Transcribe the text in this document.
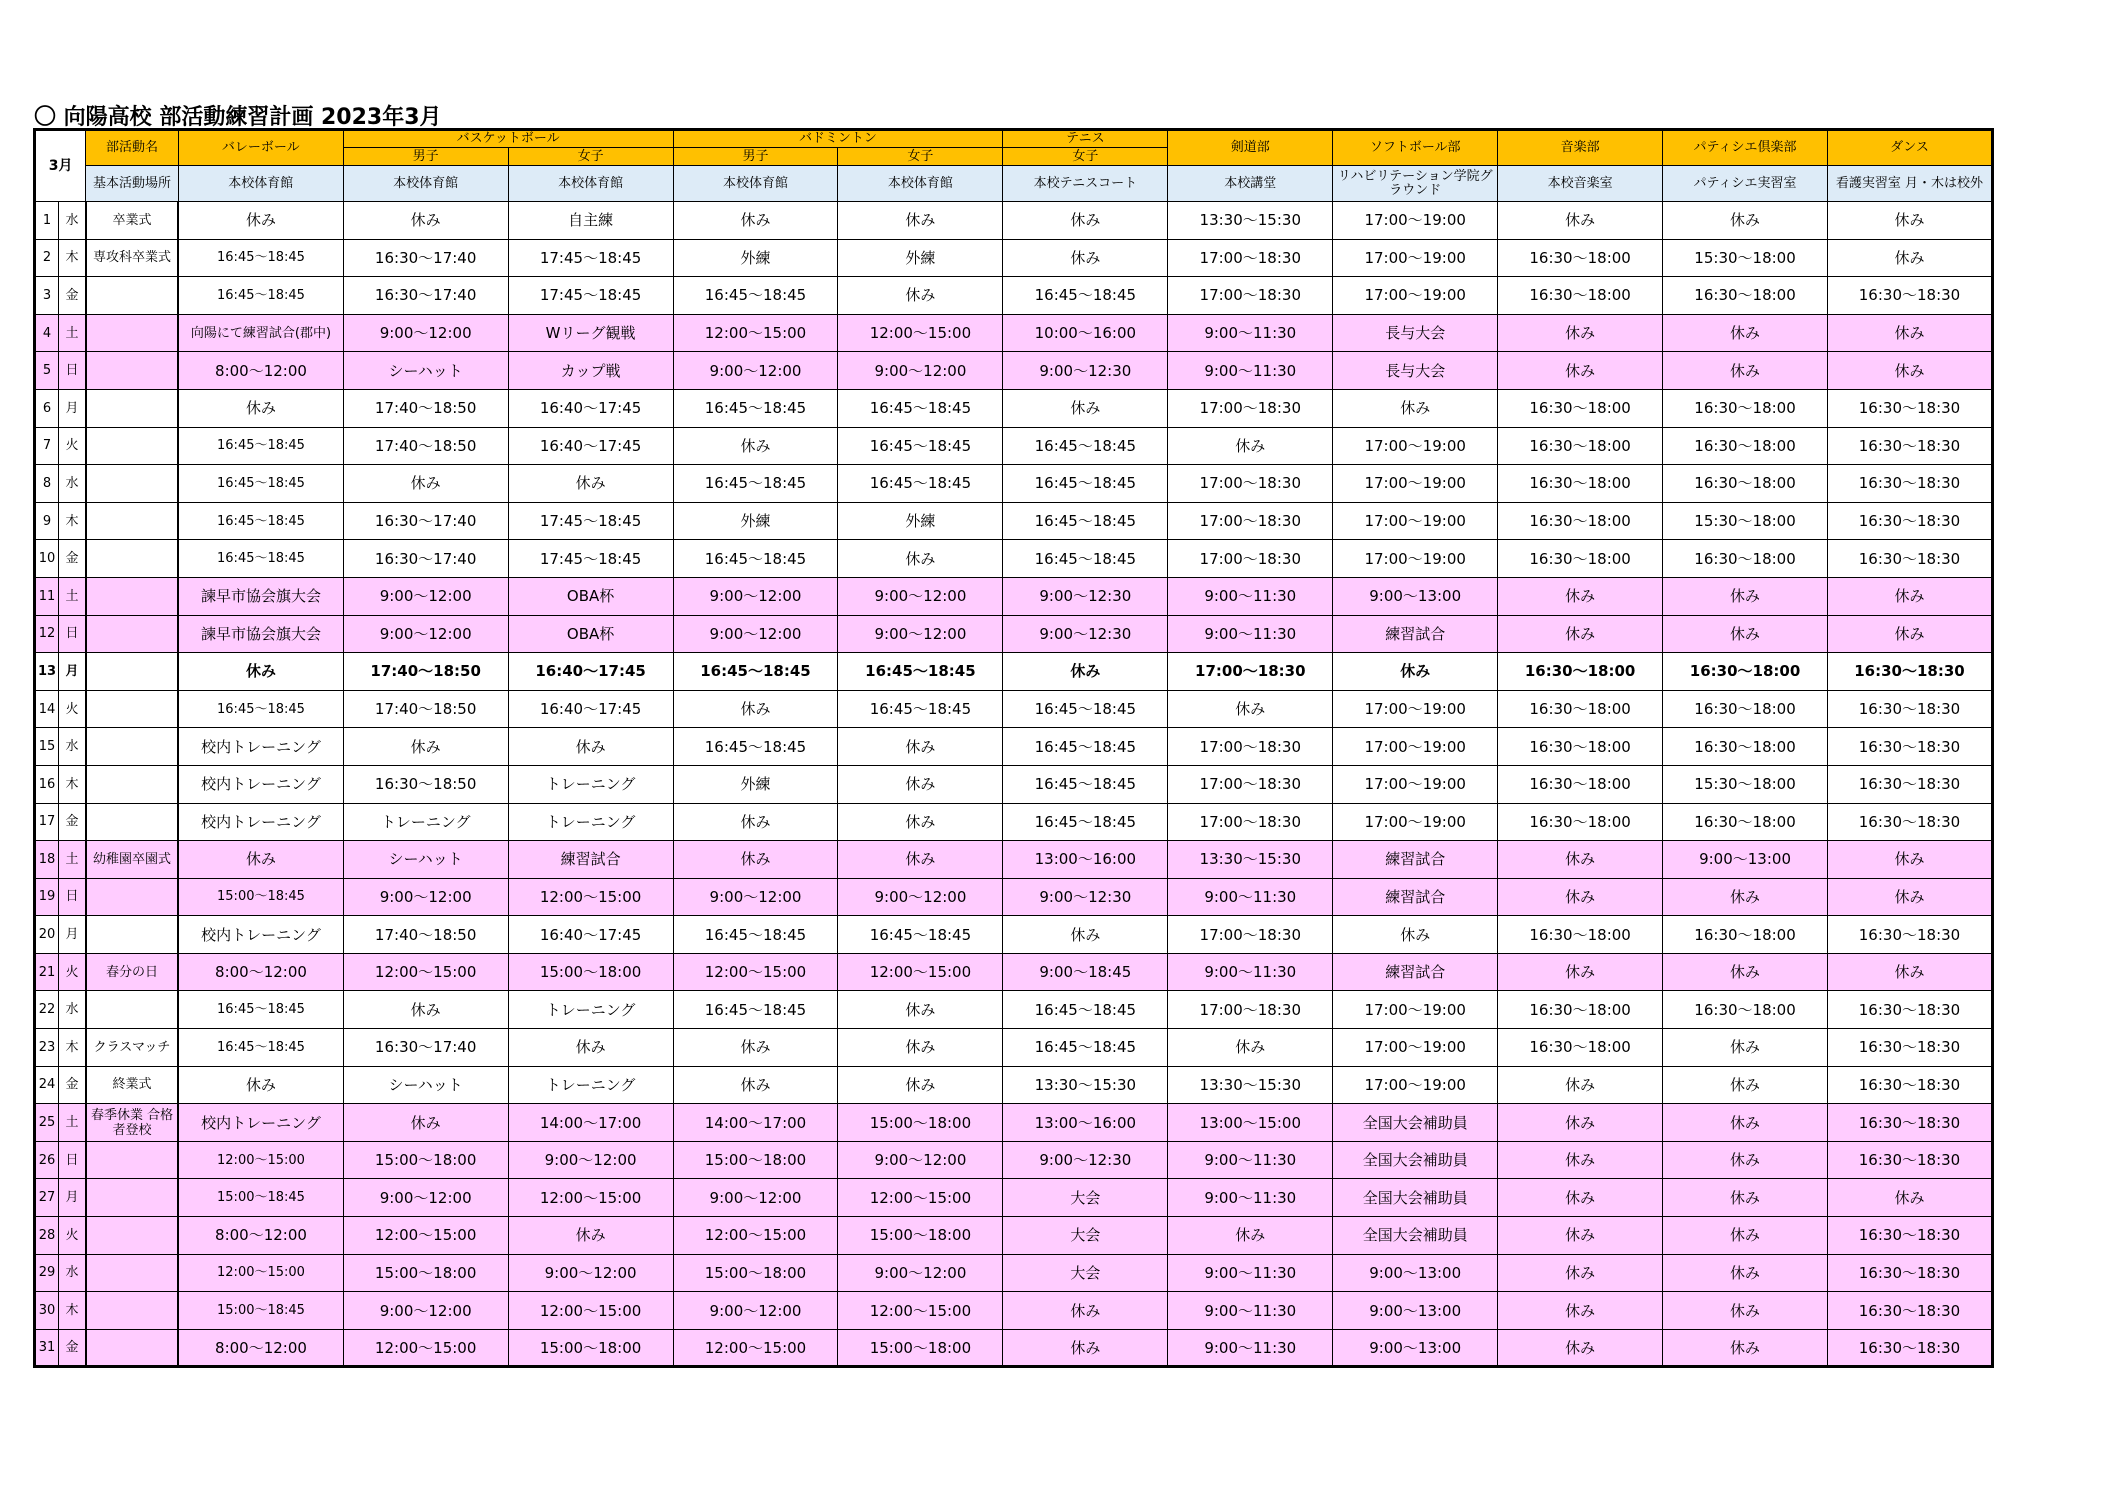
〇 向陽高校 部活動練習計画 2023年3月
3月		部活動名	バレーボール	バスケットボール		バドミントン		テニス	剣道部	ソフトボール部	音楽部	パティシエ倶楽部	ダンス
				男子	女子	男子	女子	女子					
		基本活動場所	本校体育館	本校体育館	本校体育館	本校体育館	本校体育館	本校テニスコート	本校講堂	リハビリテーション学院グラウンド	本校音楽室	パティシエ実習室	看護実習室 月・木は校外
1	水	卒業式	休み	休み	自主練	休み	休み	休み	13:30～15:30	17:00～19:00	休み	休み	休み
2	木	専攻科卒業式	16:45～18:45	16:30～17:40	17:45～18:45	外練	外練	休み	17:00～18:30	17:00～19:00	16:30～18:00	15:30～18:00	休み
3	金		16:45～18:45	16:30～17:40	17:45～18:45	16:45～18:45	休み	16:45～18:45	17:00～18:30	17:00～19:00	16:30～18:00	16:30～18:00	16:30～18:30
4	土		向陽にて練習試合(郡中)	9:00～12:00	Wリーグ観戦	12:00～15:00	12:00～15:00	10:00～16:00	9:00～11:30	長与大会	休み	休み	休み
5	日		8:00～12:00	シーハット	カップ戦	9:00～12:00	9:00～12:00	9:00～12:30	9:00～11:30	長与大会	休み	休み	休み
6	月		休み	17:40～18:50	16:40～17:45	16:45～18:45	16:45～18:45	休み	17:00～18:30	休み	16:30～18:00	16:30～18:00	16:30～18:30
7	火		16:45～18:45	17:40～18:50	16:40～17:45	休み	16:45～18:45	16:45～18:45	休み	17:00～19:00	16:30～18:00	16:30～18:00	16:30～18:30
8	水		16:45～18:45	休み	休み	16:45～18:45	16:45～18:45	16:45～18:45	17:00～18:30	17:00～19:00	16:30～18:00	16:30～18:00	16:30～18:30
9	木		16:45～18:45	16:30～17:40	17:45～18:45	外練	外練	16:45～18:45	17:00～18:30	17:00～19:00	16:30～18:00	15:30～18:00	16:30～18:30
10	金		16:45～18:45	16:30～17:40	17:45～18:45	16:45～18:45	休み	16:45～18:45	17:00～18:30	17:00～19:00	16:30～18:00	16:30～18:00	16:30～18:30
11	土		諫早市協会旗大会	9:00～12:00	OBA杯	9:00～12:00	9:00～12:00	9:00～12:30	9:00～11:30	9:00～13:00	休み	休み	休み
12	日		諫早市協会旗大会	9:00～12:00	OBA杯	9:00～12:00	9:00～12:00	9:00～12:30	9:00～11:30	練習試合	休み	休み	休み
13	月		休み	17:40～18:50	16:40～17:45	16:45～18:45	16:45～18:45	休み	17:00～18:30	休み	16:30～18:00	16:30～18:00	16:30～18:30
14	火		16:45～18:45	17:40～18:50	16:40～17:45	休み	16:45～18:45	16:45～18:45	休み	17:00～19:00	16:30～18:00	16:30～18:00	16:30～18:30
15	水		校内トレーニング	休み	休み	16:45～18:45	休み	16:45～18:45	17:00～18:30	17:00～19:00	16:30～18:00	16:30～18:00	16:30～18:30
16	木		校内トレーニング	16:30～18:50	トレーニング	外練	休み	16:45～18:45	17:00～18:30	17:00～19:00	16:30～18:00	15:30～18:00	16:30～18:30
17	金		校内トレーニング	トレーニング	トレーニング	休み	休み	16:45～18:45	17:00～18:30	17:00～19:00	16:30～18:00	16:30～18:00	16:30～18:30
18	土	幼稚園卒園式	休み	シーハット	練習試合	休み	休み	13:00～16:00	13:30～15:30	練習試合	休み	9:00～13:00	休み
19	日		15:00～18:45	9:00～12:00	12:00～15:00	9:00～12:00	9:00～12:00	9:00～12:30	9:00～11:30	練習試合	休み	休み	休み
20	月		校内トレーニング	17:40～18:50	16:40～17:45	16:45～18:45	16:45～18:45	休み	17:00～18:30	休み	16:30～18:00	16:30～18:00	16:30～18:30
21	火	春分の日	8:00～12:00	12:00～15:00	15:00～18:00	12:00～15:00	12:00～15:00	9:00～18:45	9:00～11:30	練習試合	休み	休み	休み
22	水		16:45～18:45	休み	トレーニング	16:45～18:45	休み	16:45～18:45	17:00～18:30	17:00～19:00	16:30～18:00	16:30～18:00	16:30～18:30
23	木	クラスマッチ	16:45～18:45	16:30～17:40	休み	休み	休み	16:45～18:45	休み	17:00～19:00	16:30～18:00	休み	16:30～18:30
24	金	終業式	休み	シーハット	トレーニング	休み	休み	13:30～15:30	13:30～15:30	17:00～19:00	休み	休み	16:30～18:30
25	土	春季休業 合格者登校	校内トレーニング	休み	14:00～17:00	14:00～17:00	15:00～18:00	13:00～16:00	13:00～15:00	全国大会補助員	休み	休み	16:30～18:30
26	日		12:00～15:00	15:00～18:00	9:00～12:00	15:00～18:00	9:00～12:00	9:00～12:30	9:00～11:30	全国大会補助員	休み	休み	16:30～18:30
27	月		15:00～18:45	9:00～12:00	12:00～15:00	9:00～12:00	12:00～15:00	大会	9:00～11:30	全国大会補助員	休み	休み	休み
28	火		8:00～12:00	12:00～15:00	休み	12:00～15:00	15:00～18:00	大会	休み	全国大会補助員	休み	休み	16:30～18:30
29	水		12:00～15:00	15:00～18:00	9:00～12:00	15:00～18:00	9:00～12:00	大会	9:00～11:30	9:00～13:00	休み	休み	16:30～18:30
30	木		15:00～18:45	9:00～12:00	12:00～15:00	9:00～12:00	12:00～15:00	休み	9:00～11:30	9:00～13:00	休み	休み	16:30～18:30
31	金		8:00～12:00	12:00～15:00	15:00～18:00	12:00～15:00	15:00～18:00	休み	9:00～11:30	9:00～13:00	休み	休み	16:30～18:30
